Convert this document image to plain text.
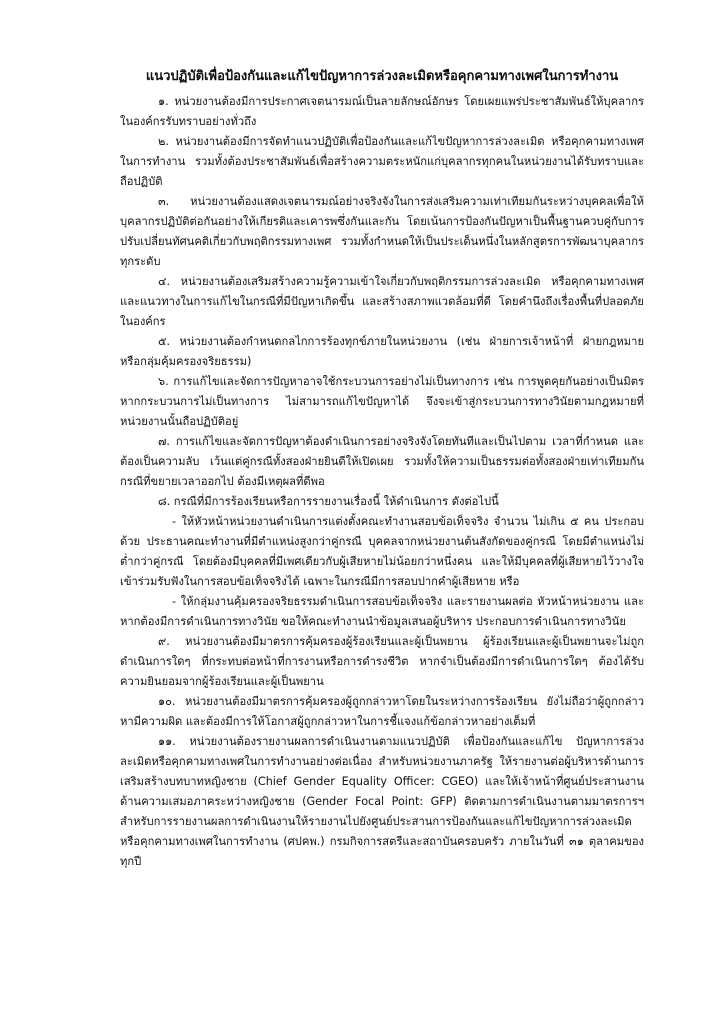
แนวปฏิบัติเพื่อป้องกันและแก้ไขปัญหาการล่วงละเมิดหรือคุกคามทางเพศในการทำงาน

๑. หน่วยงานต้องมีการประกาศเจตนารมณ์เป็นลายลักษณ์อักษร โดยเผยแพร่ประชาสัมพันธ์ให้บุคลากรในองค์กรรับทราบอย่างทั่วถึง

๒. หน่วยงานต้องมีการจัดทำแนวปฏิบัติเพื่อป้องกันและแก้ไขปัญหาการล่วงละเมิด หรือคุกคามทางเพศในการทำงาน รวมทั้งต้องประชาสัมพันธ์เพื่อสร้างความตระหนักแก่บุคลากรทุกคนในหน่วยงานได้รับทราบและถือปฏิบัติ

๓. หน่วยงานต้องแสดงเจตนารมณ์อย่างจริงจังในการส่งเสริมความเท่าเทียมกันระหว่างบุคคลเพื่อให้บุคลากรปฏิบัติต่อกันอย่างให้เกียรติและเคารพซึ่งกันและกัน โดยเน้นการป้องกันปัญหาเป็นพื้นฐานควบคู่กับการปรับเปลี่ยนทัศนคติเกี่ยวกับพฤติกรรมทางเพศ รวมทั้งกำหนดให้เป็นประเด็นหนึ่งในหลักสูตรการพัฒนาบุคลากรทุกระดับ

๔. หน่วยงานต้องเสริมสร้างความรู้ความเข้าใจเกี่ยวกับพฤติกรรมการล่วงละเมิด หรือคุกคามทางเพศ และแนวทางในการแก้ไขในกรณีที่มีปัญหาเกิดขึ้น และสร้างสภาพแวดล้อมที่ดี โดยคำนึงถึงเรื่องพื้นที่ปลอดภัยในองค์กร

๕. หน่วยงานต้องกำหนดกลไกการร้องทุกข์ภายในหน่วยงาน (เช่น ฝ่ายการเจ้าหน้าที่ ฝ่ายกฎหมาย หรือกลุ่มคุ้มครองจริยธรรม)

๖. การแก้ไขและจัดการปัญหาอาจใช้กระบวนการอย่างไม่เป็นทางการ เช่น การพูดคุยกันอย่างเป็นมิตร หากกระบวนการไม่เป็นทางการ ไม่สามารถแก้ไขปัญหาได้ จึงจะเข้าสู่กระบวนการทางวินัยตามกฎหมายที่หน่วยงานนั้นถือปฏิบัติอยู่

๗. การแก้ไขและจัดการปัญหาต้องดำเนินการอย่างจริงจังโดยทันทีและเป็นไปตาม เวลาที่กำหนด และต้องเป็นความลับ เว้นแต่คู่กรณีทั้งสองฝ่ายยินดีให้เปิดเผย รวมทั้งให้ความเป็นธรรมต่อทั้งสองฝ่ายเท่าเทียมกัน กรณีที่ขยายเวลาออกไป ต้องมีเหตุผลที่ดีพอ

๘. กรณีที่มีการร้องเรียนหรือการรายงานเรื่องนี้ ให้ดำเนินการ ดังต่อไปนี้

- ให้หัวหน้าหน่วยงานดำเนินการแต่งตั้งคณะทำงานสอบข้อเท็จจริง จำนวน ไม่เกิน ๕ คน ประกอบด้วย ประธานคณะทำงานที่มีตำแหน่งสูงกว่าคู่กรณี บุคคลจากหน่วยงานต้นสังกัดของคู่กรณี โดยมีตำแหน่งไม่ต่ำกว่าคู่กรณี โดยต้องมีบุคคลที่มีเพศเดียวกับผู้เสียหายไม่น้อยกว่าหนึ่งคน และให้มีบุคคลที่ผู้เสียหายไว้วางใจเข้าร่วมรับฟังในการสอบข้อเท็จจริงได้ เฉพาะในกรณีมีการสอบปากคำผู้เสียหาย หรือ

- ให้กลุ่มงานคุ้มครองจริยธรรมดำเนินการสอบข้อเท็จจริง และรายงานผลต่อ หัวหน้าหน่วยงาน และหากต้องมีการดำเนินการทางวินัย ขอให้คณะทำงานนำข้อมูลเสนอผู้บริหาร ประกอบการดำเนินการทางวินัย

๙. หน่วยงานต้องมีมาตรการคุ้มครองผู้ร้องเรียนและผู้เป็นพยาน ผู้ร้องเรียนและผู้เป็นพยานจะไม่ถูกดำเนินการใดๆ ที่กระทบต่อหน้าที่การงานหรือการดำรงชีวิต หากจำเป็นต้องมีการดำเนินการใดๆ ต้องได้รับความยินยอมจากผู้ร้องเรียนและผู้เป็นพยาน

๑๐. หน่วยงานต้องมีมาตรการคุ้มครองผู้ถูกกล่าวหาโดยในระหว่างการร้องเรียน ยังไม่ถือว่าผู้ถูกกล่าวหามีความผิด และต้องมีการให้โอกาสผู้ถูกกล่าวหาในการชี้แจงแก้ข้อกล่าวหาอย่างเต็มที่

๑๑. หน่วยงานต้องรายงานผลการดำเนินงานตามแนวปฏิบัติ เพื่อป้องกันและแก้ไข ปัญหาการล่วงละเมิดหรือคุกคามทางเพศในการทำงานอย่างต่อเนื่อง สำหรับหน่วยงานภาครัฐ ให้รายงานต่อผู้บริหารด้านการเสริมสร้างบทบาทหญิงชาย (Chief Gender Equality Officer: CGEO) และให้เจ้าหน้าที่ศูนย์ประสานงานด้านความเสมอภาคระหว่างหญิงชาย (Gender Focal Point: GFP) ติดตามการดำเนินงานตามมาตรการฯ สำหรับการรายงานผลการดำเนินงานให้รายงานไปยังศูนย์ประสานการป้องกันและแก้ไขปัญหาการล่วงละเมิดหรือคุกคามทางเพศในการทำงาน (ศปคพ.) กรมกิจการสตรีและสถาบันครอบครัว ภายในวันที่ ๓๑ ตุลาคมของทุกปี
